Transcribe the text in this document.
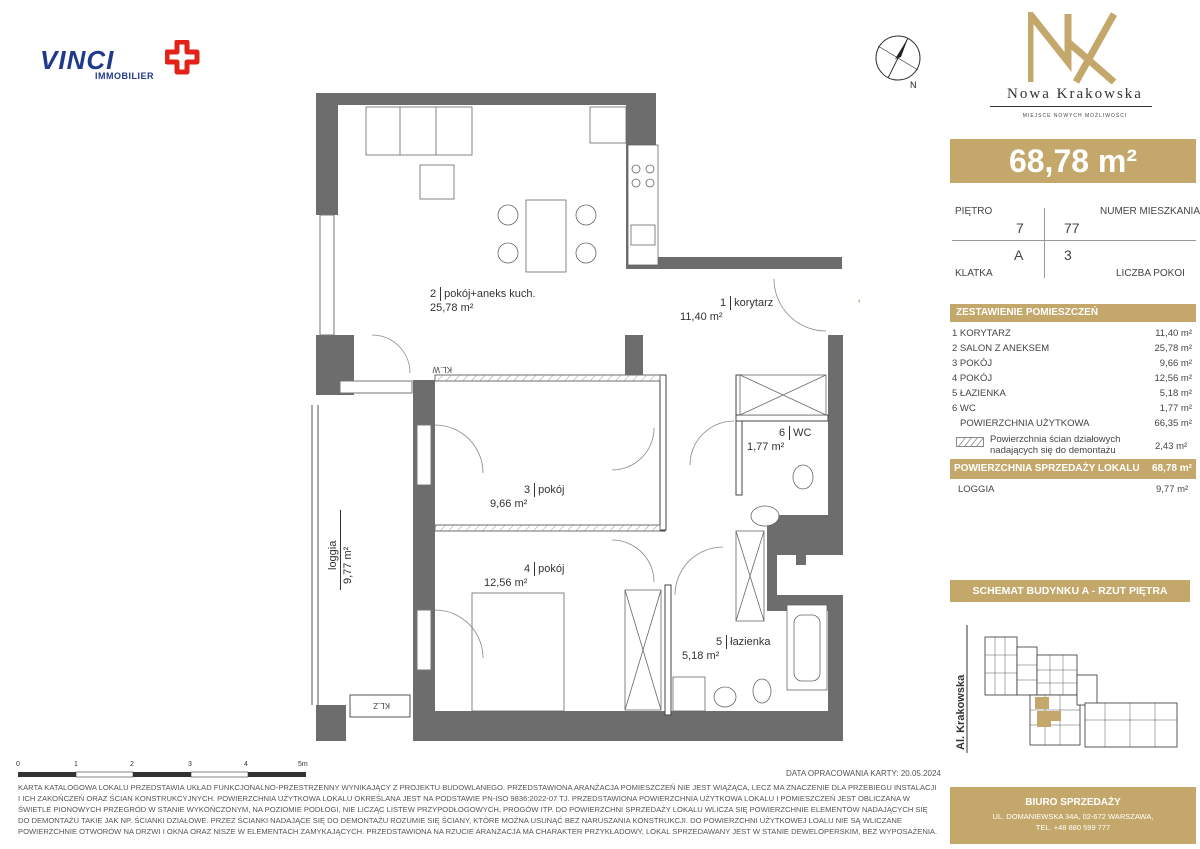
VINCI
IMMOBILIER
N
Nowa Krakowska
MIEJSCE NOWYCH MOŻLIWOŚCI
68,78 m²
PIĘTRO	NUMER MIESZKANIA
7	77
A	3
KLATKA	LICZBA POKOI
ZESTAWIENIE POMIESZCZEŃ
1 KORYTARZ	11,40 m²
2 SALON Z ANEKSEM	25,78 m²
3 POKÓJ	9,66 m²
4 POKÓJ	12,56 m²
5 ŁAZIENKA	5,18 m²
6 WC	1,77 m²
POWIERZCHNIA UŻYTKOWA	66,35 m²
Powierzchnia ścian działowych
nadających się do demontażu	2,43 m²
POWIERZCHNIA SPRZEDAŻY LOKALU 68,78 m²
LOGGIA	9,77 m²
SCHEMAT BUDYNKU A - RZUT PIĘTRA
Al. Krakowska
KL.W
KL.Z
2 pokój+aneks kuch.
25,78 m²	1 korytarz
11,40 m²
6 WC
1,77 m²
3 pokój
9,66 m²
4 pokój
12,56 m²
5 łazienka
5,18 m²
loggia 9,77 m²
0	1	2	3	4	5m
DATA OPRACOWANIA KARTY: 20.05.2024
KARTA KATALOGOWA LOKALU PRZEDSTAWIA UKŁAD FUNKCJONALNO-PRZESTRZENNY WYNIKAJĄCY Z PROJEKTU BUDOWLANEGO. PRZEDSTAWIONA ARANŻACJA POMIESZCZEŃ NIE JEST WIĄŻĄCA, LECZ MA ZNACZENIE DLA PRZEBIEGU INSTALACJI I ICH ZAKOŃCZEŃ ORAZ ŚCIAN KONSTRUKCYJNYCH. POWIERZCHNIA UŻYTKOWA LOKALU OKREŚLANA JEST NA PODSTAWIE PN-ISO 9836:2022-07 TJ. PRZEDSTAWIONA POWIERZCHNIA UŻYTKOWA LOKALU I POMIESZCZEŃ JEST OBLICZANA W ŚWIETLE PIONOWYCH PRZEGRÓD W STANIE WYKOŃCZONYM, NA POZIOMIE PODŁOGI, NIE LICZĄC LISTEW PRZYPODŁOGOWYCH, PROGÓW ITP. DO POWIERZCHNI SPRZEDAŻY LOKALU WLICZA SIĘ POWIERZCHNIE ELEMENTÓW NADAJĄCYCH SIĘ DO DEMONTAŻU TAKIE JAK NP. ŚCIANKI DZIAŁOWE. PRZEZ ŚCIANKI NADAJĄCE SIĘ DO DEMONTAŻU ROZUMIE SIĘ ŚCIANY, KTÓRE MOŻNA USUNĄĆ BEZ NARUSZANIA KONSTRUKCJI. DO POWIERZCHNI UŻYTKOWEJ LOALU NIE SĄ WLICZANE POWIERZCHNIE OTWORÓW NA DRZWI I OKNA ORAZ NISZE W ELEMENTACH ZAMYKAJĄCYCH. PRZEDSTAWIONA NA RZUCIE ARANŻACJA MA CHARAKTER PRZYKŁADOWY, LOKAL SPRZEDAWANY JEST W STANIE DEWELOPERSKIM, BEZ WYPOSAŻENIA.
BIURO SPRZEDAŻY
UL. DOMANIEWSKA 34A, 02-672 WARSZAWA,
TEL. +48 880 599 777
